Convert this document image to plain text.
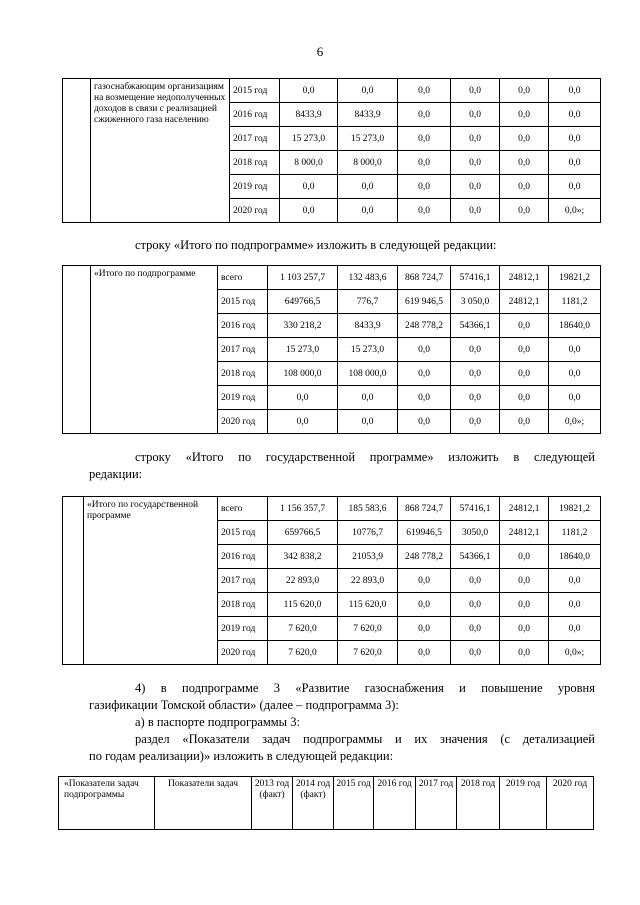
6
	газоснабжающим организациям на возмещение недополученных доходов в связи с реализацией сжиженного газа населению	2015 год	0,0	0,0	0,0	0,0	0,0	0,0
		2016 год	8433,9	8433,9	0,0	0,0	0,0	0,0
		2017 год	15 273,0	15 273,0	0,0	0,0	0,0	0,0
		2018 год	8 000,0	8 000,0	0,0	0,0	0,0	0,0
		2019 год	0,0	0,0	0,0	0,0	0,0	0,0
		2020 год	0,0	0,0	0,0	0,0	0,0	0,0»;

строку «Итого по подпрограмме» изложить в следующей редакции:

	«Итого по подпрограмме	всего	1 103 257,7	132 483,6	868 724,7	57416,1	24812,1	19821,2
		2015 год	649766,5	776,7	619 946,5	3 050,0	24812,1	1181,2
		2016 год	330 218,2	8433,9	248 778,2	54366,1	0,0	18640,0
		2017 год	15 273,0	15 273,0	0,0	0,0	0,0	0,0
		2018 год	108 000,0	108 000,0	0,0	0,0	0,0	0,0
		2019 год	0,0	0,0	0,0	0,0	0,0	0,0
		2020 год	0,0	0,0	0,0	0,0	0,0	0,0»;

строку «Итого по государственной программе» изложить в следующей

редакции:

	«Итого по государственной программе	всего	1 156 357,7	185 583,6	868 724,7	57416,1	24812,1	19821,2
		2015 год	659766,5	10776,7	619946,5	3050,0	24812,1	1181,2
		2016 год	342 838,2	21053,9	248 778,2	54366,1	0,0	18640,0
		2017 год	22 893,0	22 893,0	0,0	0,0	0,0	0,0
		2018 год	115 620,0	115 620,0	0,0	0,0	0,0	0,0
		2019 год	7 620,0	7 620,0	0,0	0,0	0,0	0,0
		2020 год	7 620,0	7 620,0	0,0	0,0	0,0	0,0»;

4) в подпрограмме 3 «Развитие газоснабжения и повышение уровня

газификации Томской области» (далее – подпрограмма 3):

а) в паспорте подпрограммы 3:

раздел «Показатели задач подпрограммы и их значения (с детализацией

по годам реализации)» изложить в следующей редакции:

«Показатели задач подпрограммы	Показатели задач	2013 год (факт)	2014 год (факт)	2015 год	2016 год	2017 год	2018 год	2019 год	2020 год
